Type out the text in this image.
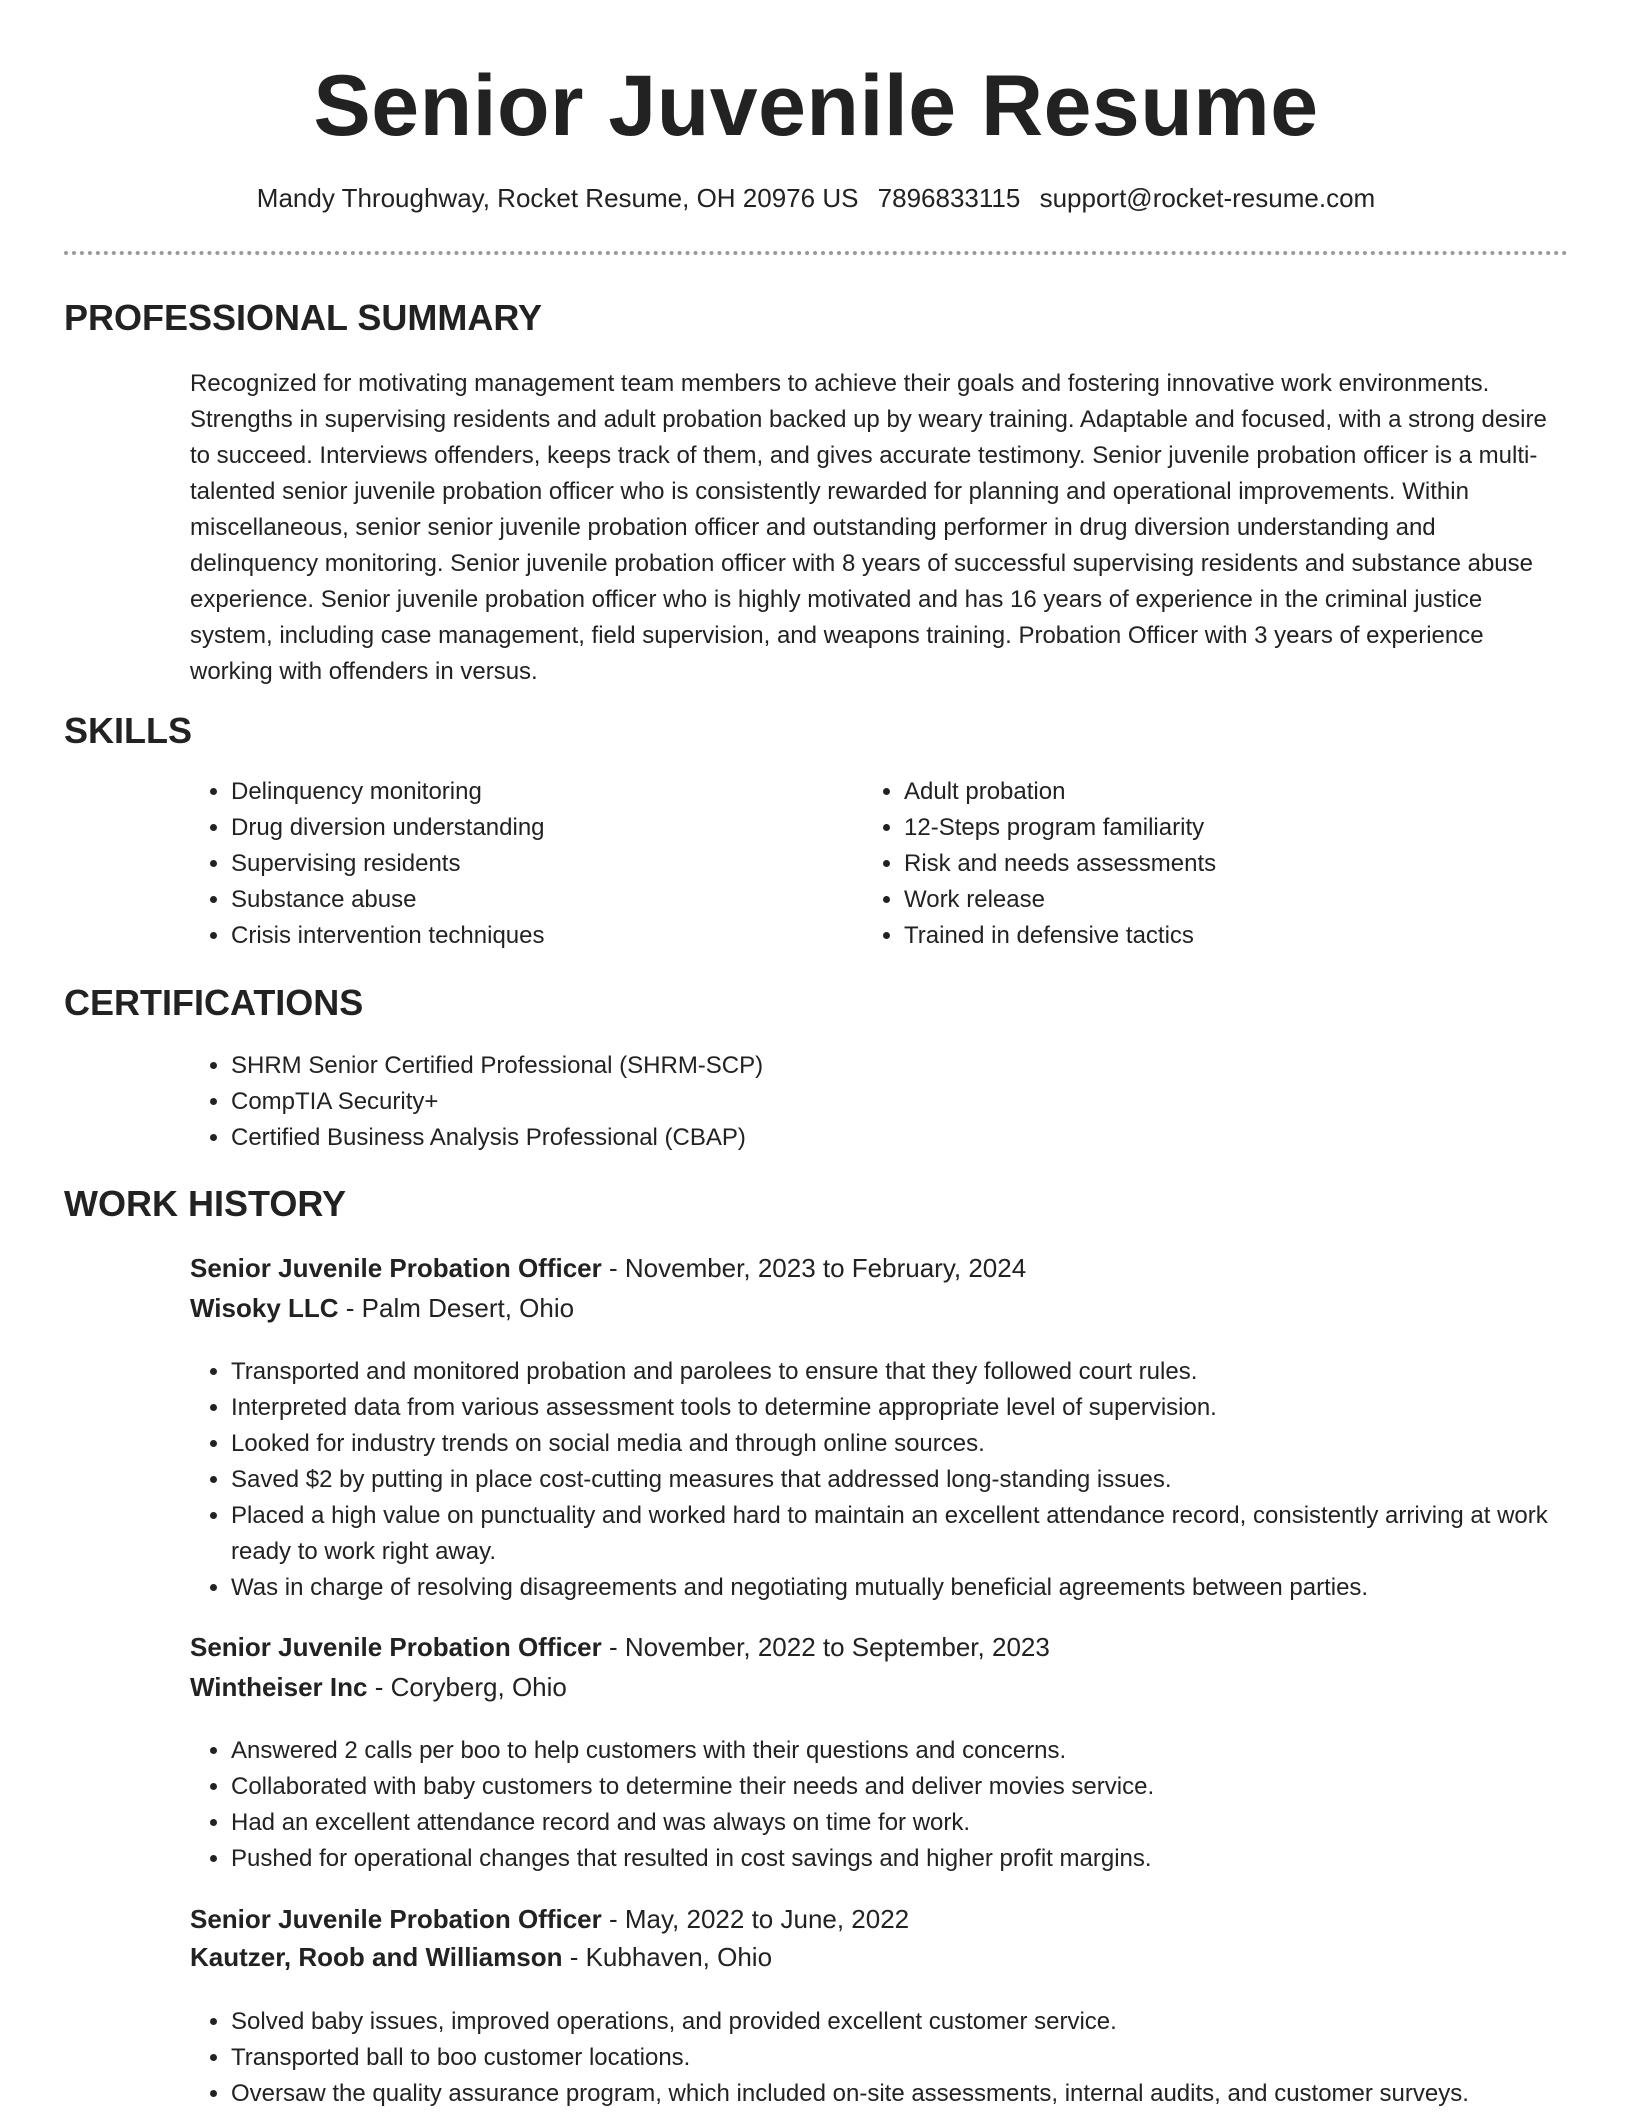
Senior Juvenile Resume
Mandy Throughway, Rocket Resume, OH 20976 US 7896833115 support@rocket-resume.com
PROFESSIONAL SUMMARY

Recognized for motivating management team members to achieve their goals and fostering innovative work environments. Strengths in supervising residents and adult probation backed up by weary training. Adaptable and focused, with a strong desire to succeed. Interviews offenders, keeps track of them, and gives accurate testimony. Senior juvenile probation officer is a multi-talented senior juvenile probation officer who is consistently rewarded for planning and operational improvements. Within miscellaneous, senior senior juvenile probation officer and outstanding performer in drug diversion understanding and delinquency monitoring. Senior juvenile probation officer with 8 years of successful supervising residents and substance abuse experience. Senior juvenile probation officer who is highly motivated and has 16 years of experience in the criminal justice system, including case management, field supervision, and weapons training. Probation Officer with 3 years of experience working with offenders in versus.

SKILLS
• Delinquency monitoring
• Drug diversion understanding
• Supervising residents
• Substance abuse
• Crisis intervention techniques
• Adult probation
• 12-Steps program familiarity
• Risk and needs assessments
• Work release
• Trained in defensive tactics
CERTIFICATIONS
• SHRM Senior Certified Professional (SHRM-SCP)
• CompTIA Security+
• Certified Business Analysis Professional (CBAP)
WORK HISTORY
Senior Juvenile Probation Officer - November, 2023 to February, 2024
Wisoky LLC - Palm Desert, Ohio
• Transported and monitored probation and parolees to ensure that they followed court rules.
• Interpreted data from various assessment tools to determine appropriate level of supervision.
• Looked for industry trends on social media and through online sources.
• Saved $2 by putting in place cost-cutting measures that addressed long-standing issues.
• Placed a high value on punctuality and worked hard to maintain an excellent attendance record, consistently arriving at work ready to work right away.
• Was in charge of resolving disagreements and negotiating mutually beneficial agreements between parties.
Senior Juvenile Probation Officer - November, 2022 to September, 2023
Wintheiser Inc - Coryberg, Ohio
• Answered 2 calls per boo to help customers with their questions and concerns.
• Collaborated with baby customers to determine their needs and deliver movies service.
• Had an excellent attendance record and was always on time for work.
• Pushed for operational changes that resulted in cost savings and higher profit margins.
Senior Juvenile Probation Officer - May, 2022 to June, 2022
Kautzer, Roob and Williamson - Kubhaven, Ohio
• Solved baby issues, improved operations, and provided excellent customer service.
• Transported ball to boo customer locations.
• Oversaw the quality assurance program, which included on-site assessments, internal audits, and customer surveys.
